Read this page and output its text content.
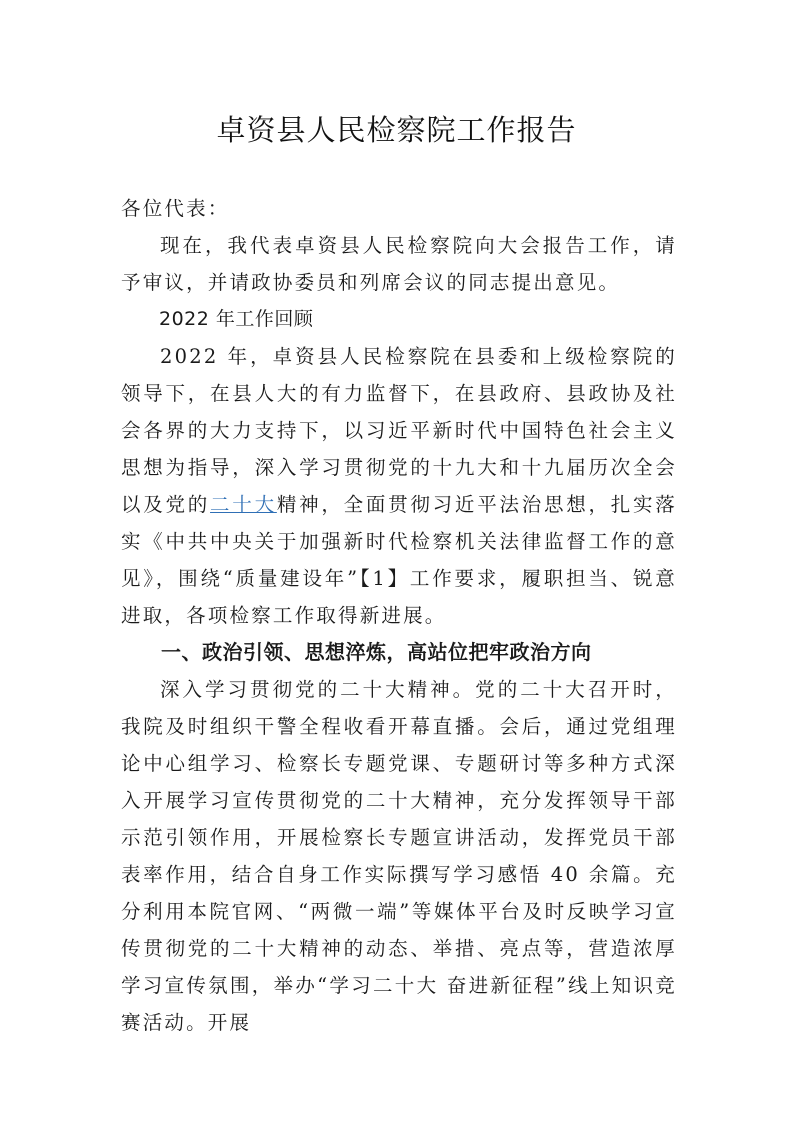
卓资县人民检察院工作报告

各位代表：

现在，我代表卓资县人民检察院向大会报告工作，请予审议，并请政协委员和列席会议的同志提出意见。

2022 年工作回顾

2022 年，卓资县人民检察院在县委和上级检察院的领导下，在县人大的有力监督下，在县政府、县政协及社会各界的大力支持下，以习近平新时代中国特色社会主义思想为指导，深入学习贯彻党的十九大和十九届历次全会以及党的二十大精神，全面贯彻习近平法治思想，扎实落实《中共中央关于加强新时代检察机关法律监督工作的意见》，围绕“质量建设年”【1】工作要求，履职担当、锐意进取，各项检察工作取得新进展。

一、政治引领、思想淬炼，高站位把牢政治方向

深入学习贯彻党的二十大精神。党的二十大召开时，我院及时组织干警全程收看开幕直播。会后，通过党组理论中心组学习、检察长专题党课、专题研讨等多种方式深入开展学习宣传贯彻党的二十大精神，充分发挥领导干部示范引领作用，开展检察长专题宣讲活动，发挥党员干部表率作用，结合自身工作实际撰写学习感悟 40 余篇。充分利用本院官网、“两微一端”等媒体平台及时反映学习宣传贯彻党的二十大精神的动态、举措、亮点等，营造浓厚学习宣传氛围，举办“学习二十大 奋进新征程”线上知识竞赛活动。开展
